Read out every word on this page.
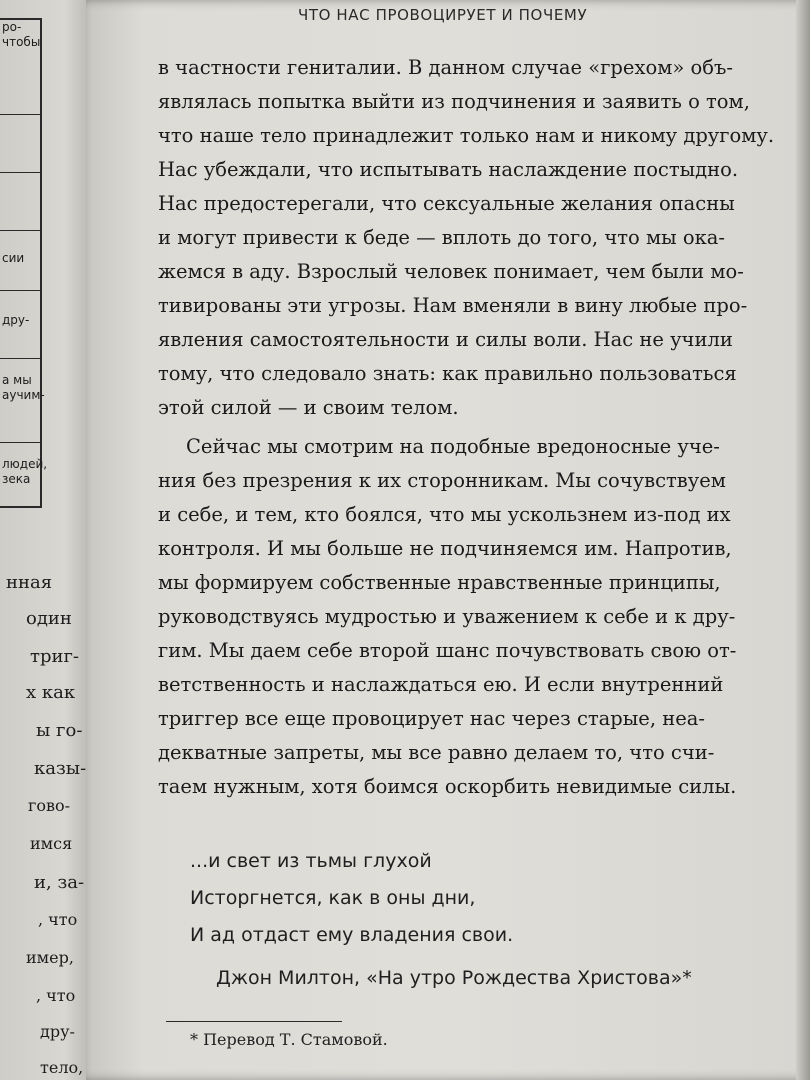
ро-
чтобы
сии
дру-
а мы
аучим-
людей,
зека
нная
один
триг-
х как
ы го-
казы-
гово-
имся
и, за-
, что
имер,
, что
дру-
тело,
ЧТО НАС ПРОВОЦИРУЕТ И ПОЧЕМУ
в частности гениталии. В данном случае «грехом» объ-
являлась попытка выйти из подчинения и заявить о том,
что наше тело принадлежит только нам и никому другому.
Нас убеждали, что испытывать наслаждение постыдно.
Нас предостерегали, что сексуальные желания опасны
и могут привести к беде — вплоть до того, что мы ока-
жемся в аду. Взрослый человек понимает, чем были мо-
тивированы эти угрозы. Нам вменяли в вину любые про-
явления самостоятельности и силы воли. Нас не учили
тому, что следовало знать: как правильно пользоваться
этой силой — и своим телом.
Сейчас мы смотрим на подобные вредоносные уче-
ния без презрения к их сторонникам. Мы сочувствуем
и себе, и тем, кто боялся, что мы ускользнем из-под их
контроля. И мы больше не подчиняемся им. Напротив,
мы формируем собственные нравственные принципы,
руководствуясь мудростью и уважением к себе и к дру-
гим. Мы даем себе второй шанс почувствовать свою от-
ветственность и наслаждаться ею. И если внутренний
триггер все еще провоцирует нас через старые, неа-
декватные запреты, мы все равно делаем то, что счи-
таем нужным, хотя боимся оскорбить невидимые силы.
...и свет из тьмы глухой
Исторгнется, как в оны дни,
И ад отдаст ему владения свои.
Джон Милтон, «На утро Рождества Христова»*
* Перевод Т. Стамовой.
